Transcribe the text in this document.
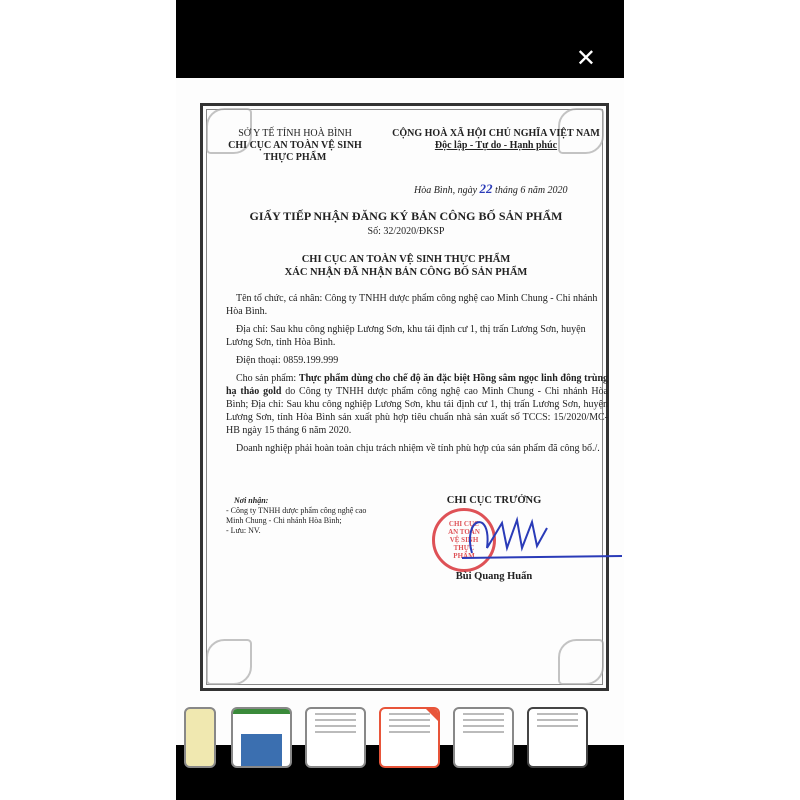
✕
SỞ Y TẾ TỈNH HOÀ BÌNH
CHI CỤC AN TOÀN VỆ SINH
THỰC PHẨM
CỘNG HOÀ XÃ HỘI CHỦ NGHĨA VIỆT NAM
Độc lập - Tự do - Hạnh phúc
Hòa Bình, ngày 22 tháng 6 năm 2020
GIẤY TIẾP NHẬN ĐĂNG KÝ BẢN CÔNG BỐ SẢN PHẨM
Số: 32/2020/ĐKSP
CHI CỤC AN TOÀN VỆ SINH THỰC PHẨM
XÁC NHẬN ĐÃ NHẬN BẢN CÔNG BỐ SẢN PHẨM

Tên tổ chức, cá nhân: Công ty TNHH dược phẩm công nghệ cao Minh Chung - Chi nhánh Hòa Bình.

Địa chỉ: Sau khu công nghiệp Lương Sơn, khu tái định cư 1, thị trấn Lương Sơn, huyện Lương Sơn, tỉnh Hòa Bình.

Điện thoại: 0859.199.999

Cho sản phẩm: Thực phẩm dùng cho chế độ ăn đặc biệt Hồng sâm ngọc linh đông trùng hạ thảo gold do Công ty TNHH dược phẩm công nghệ cao Minh Chung - Chi nhánh Hòa Bình; Địa chỉ: Sau khu công nghiệp Lương Sơn, khu tái định cư 1, thị trấn Lương Sơn, huyện Lương Sơn, tỉnh Hòa Bình sản xuất phù hợp tiêu chuẩn nhà sản xuất số TCCS: 15/2020/MC-HB ngày 15 tháng 6 năm 2020.

Doanh nghiệp phải hoàn toàn chịu trách nhiệm về tính phù hợp của sản phẩm đã công bố./.

Nơi nhận:
- Công ty TNHH dược phẩm công nghệ cao Minh Chung - Chi nhánh Hòa Bình;
- Lưu: NV.
CHI CỤC TRƯỞNG
CHI CỤC AN TOÀN VỆ SINH THỰC PHẨM
Bùi Quang Huấn
